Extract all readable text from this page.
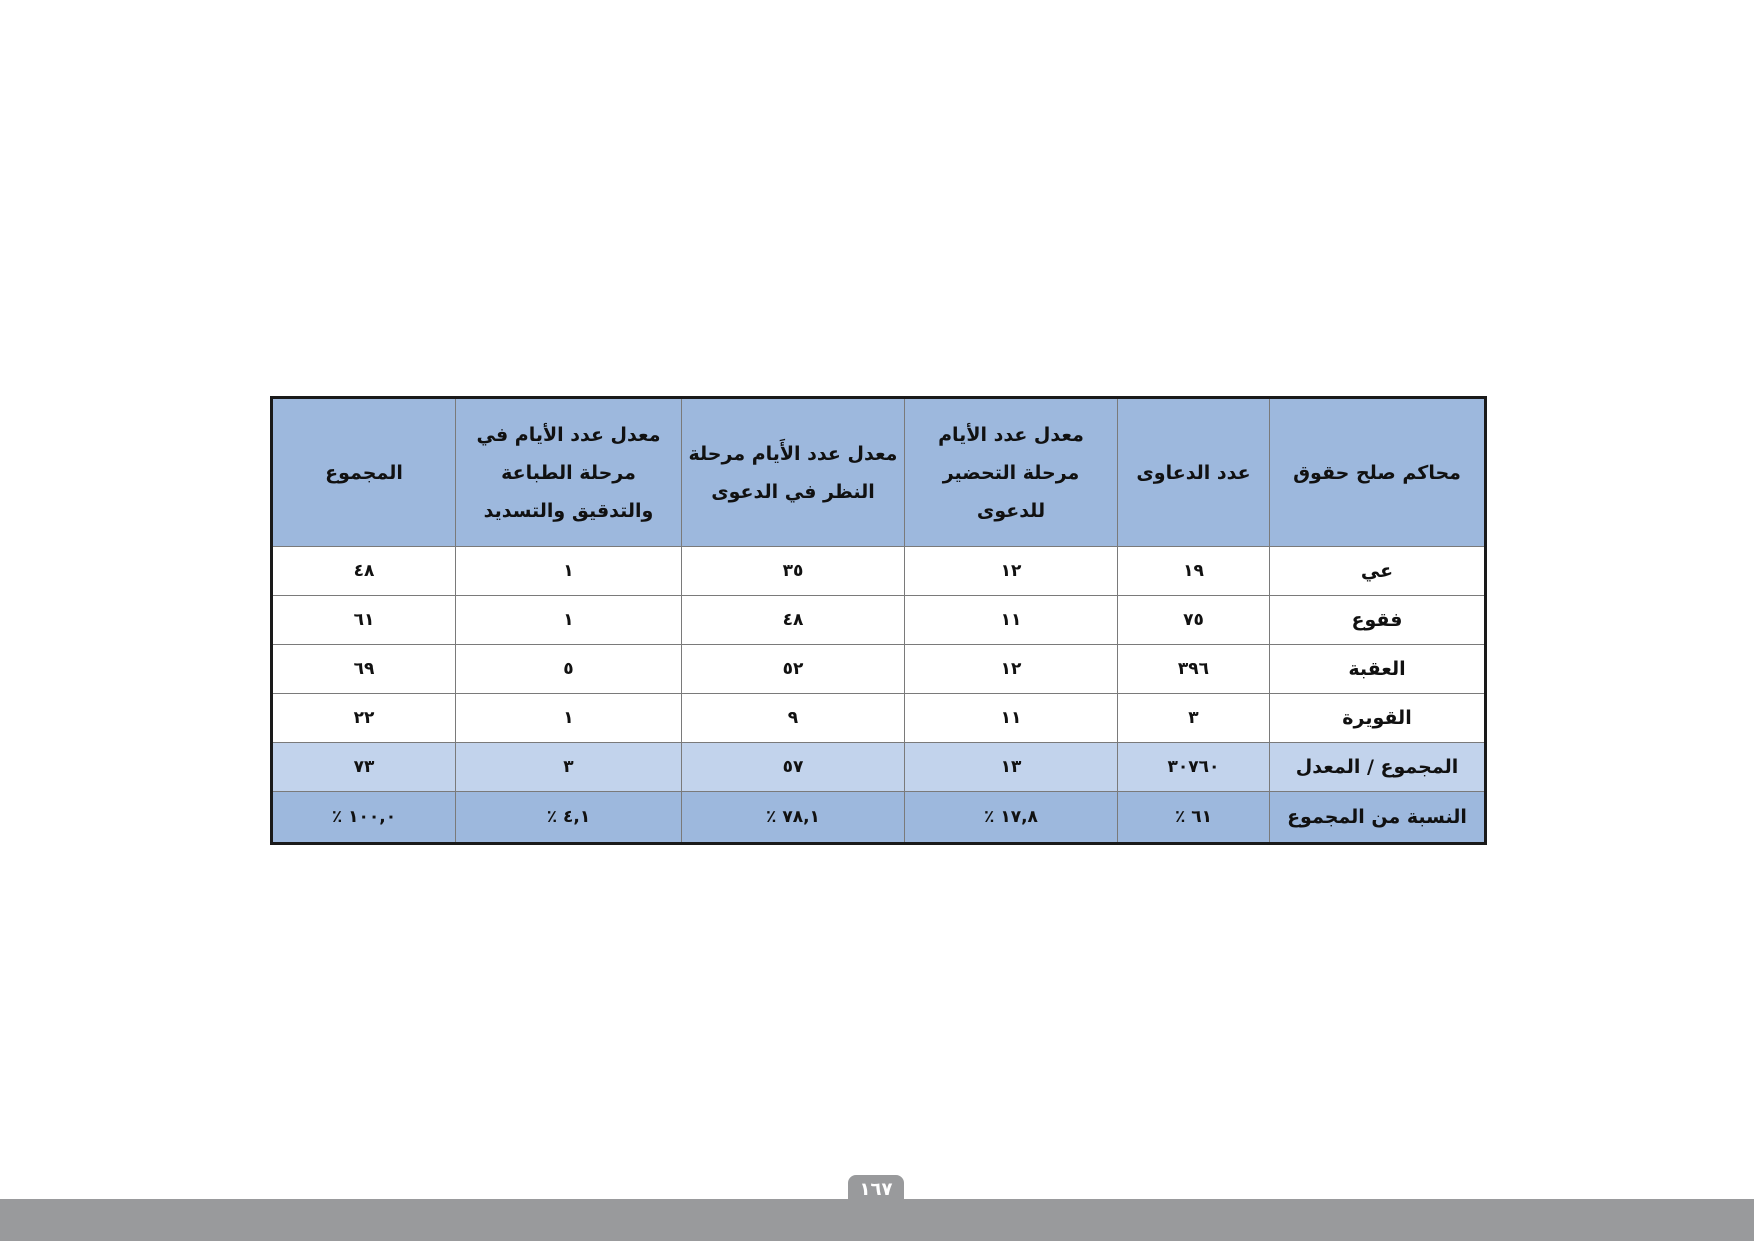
محاكم صلح حقوق	عدد الدعاوى	معدل عدد الأيام مرحلة التحضير للدعوى	معدل عدد الأَيام مرحلة النظر في الدعوى	معدل عدد الأيام في مرحلة الطباعة والتدقيق والتسديد	المجموع
عي	١٩	١٢	٣٥	١	٤٨
فقوع	٧٥	١١	٤٨	١	٦١
العقبة	٣٩٦	١٢	٥٢	٥	٦٩
القويرة	٣	١١	٩	١	٢٢
المجموع / المعدل	٣٠٧٦٠	١٣	٥٧	٣	٧٣
النسبة من المجموع	٦١ ٪	١٧,٨ ٪	٧٨,١ ٪	٤,١ ٪	١٠٠,٠ ٪
١٦٧
